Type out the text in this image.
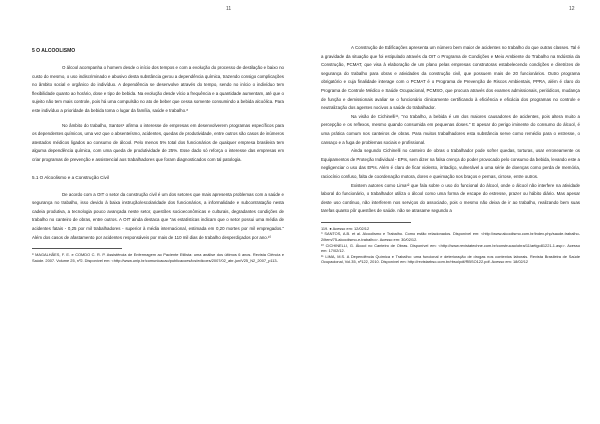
11
5 O ALCOOLISMO

O álcool acompanha o homem desde o início dos tempos e com a evolução do processo de destilação e baixo no custo do mesmo, o uso indiscriminado e abusivo desta substância gerou a dependência química, trazendo consigo complicações no âmbito social e orgânico do indivíduo. A dependência se desenvolve através do tempo, sendo no início o indivíduo tem flexibilidade quanto ao horário, dose e tipo de bebida. Na evolução desde vício a frequência e a quantidade aumentam, até que o sujeito não tem mais controle, pois há uma compulsão no ato de beber que cessa somente consumindo a bebida alcoólica. Para este indivíduo a prioridade da bebida toma o lugar da família, saúde e trabalho.⁸

No âmbito do trabalho, Santos⁹ afirma o interesse de empresas em desenvolverem programas específicos para os dependentes químicos, uma vez que o absenteísmo, acidentes, quedas de produtividade, entre outros são casos de inúmeros atestados médicos ligados ao consumo de álcool. Pelo menos 5% total dos funcionários de qualquer empresa brasileira tem alguma dependência química, com uma queda de produtividade de 25%. Esse dado só reforça o interesse das empresas em criar programas de prevenção e assistencial aos trabalhadores que foram diagnosticados com tal patologia.

5.1 O Alcoolismo e a Construção Civil

De acordo com a OIT o setor da construção civil é um dos setores que mais apresenta problemas com a saúde e segurança no trabalho, isso devido à baixa instrução/escolaridade dos funcionários, a informalidade e subcontratação nesta cadeia produtiva, a tecnologia pouco avançada neste setor, questões socioeconômicas e culturais, degradantes condições de trabalho no canteiro de obras, entre outros. A OIT ainda destaca que "as estatísticas indicam que o setor possui uma média de acidentes fatais - 0,25 por mil trabalhadores - superior à média internacional, estimada em 0,20 mortes por mil empregados." Além dos casos de afastamento por acidentes responsáveis por mais de 110 mil dias de trabalho desperdiçados por ano.¹⁰

⁸ MAGALHÃES, F. E. e COMDO C. R. P. Assistência de Enfermagem ao Paciente Etilista: uma análise dos últimos 6 anos. Revista Ciência e Saúde. 2007. Volume 25, nº2. Disponível em: <http://www.unip.br/comunicacao/publicacoes/ics/edicoes/2007/02_abr-jun/V25_N2_2007_p113-
12

A Construção de Edificações apresenta um número bem maior de acidentes no trabalho do que outras classes. Tal é a gravidade da situação que foi estipulado através da OIT o Programa de Condições e Meio Ambiente do Trabalho na Indústria da Construção, PCMAT, que visa à elaboração de um plano pelas empresas construtoras estabelecendo condições e diretrizes de segurança do trabalho para obras e atividades da construção civil, que possuem mais de 20 funcionários. Outro programa obrigatório e cuja finalidade interage com o PCMAT é o Programa de Prevenção de Riscos Ambientais, PPRA, além é claro do Programa de Controle Médico e Saúde Ocupacional, PCMSO, que procura através dos exames admissionais, periódicos, mudança de função e demissionais avaliar se o funcionário clinicamente certificando à eficiência e eficácia dos programas no controle e neutralização dos agentes nocivos a saúde do trabalhador.

Na visão de Cichinelli¹¹, "no trabalho, a bebida é um dos maiores causadores de acidentes, pois altera muito a percepção e os reflexos, mesmo quando consumida em pequenas doses." E apesar do perigo iminente do consumo do álcool, é uma prática comum nos canteiros de obras. Para muitos trabalhadores esta substância serve como remédio para o estresse, o cansaço e a fuga de problemas sociais e profissional.

Ainda segundo Cichinelli no canteiro de obras o trabalhador pode sofrer quedas, torturas, usar erroneamente os Equipamentos de Proteção Individual - EPIs, sem dizer na falsa crença do poder provocado pelo consumo da bebida, levando este a negligenciar o uso das EPIs. Além é claro de ficar violento, irritadiço, vulnerável a uma série de doenças como perda de memória, raciocínio confuso, falta de coordenação motora, dores e queimação nos braços e pernas, cirrose, entre outros.

Existem autores como Lima¹² que fala sobre o uso do funcional do álcool, onde o álcool não interfere na atividade laboral do funcionário, o trabalhador utiliza o álcool como uma forma de escape do estresse, prazer ou hábito diário. Mas apesar deste uso contínuo, não interferem nos serviços do associado, pois o mesmo não deixa de ir ao trabalho, realizando bem suas tarefas quanto pôr questões de saúde. não se atrasame segundo a

119. ● Acesso em: 12/02/12
⁹ SANTOS, A.B. et al. Alcoolismo e Trabalho. Como estão relacionados. Disponível em: <http://www.alcoolismo.com.br/index.php/saude-trabalho-2/item/75-alcoolismo-e-trabalho>. Acesso em: 30/02/12.
¹⁰ CICHINELLI, G. Álcool no Canteiro de Obras. Disponível em: <http://www.revistatechne.com.br/construcao/obra/11/artigo81221-1.asp>. Acesso em: 17/02/12.
¹¹ LIMA, M.S. A Dependência Química e Trabalho: uma funcional e deterioração de drogas nos contextos laborais. Revista Brasileira de Saúde Ocupacional, Vol.35, nº122, 2010. Disponível em: http://revistarbso.com.br/rbso/pdf/RBSO122.pdf. Acesso em: 18/02/12
